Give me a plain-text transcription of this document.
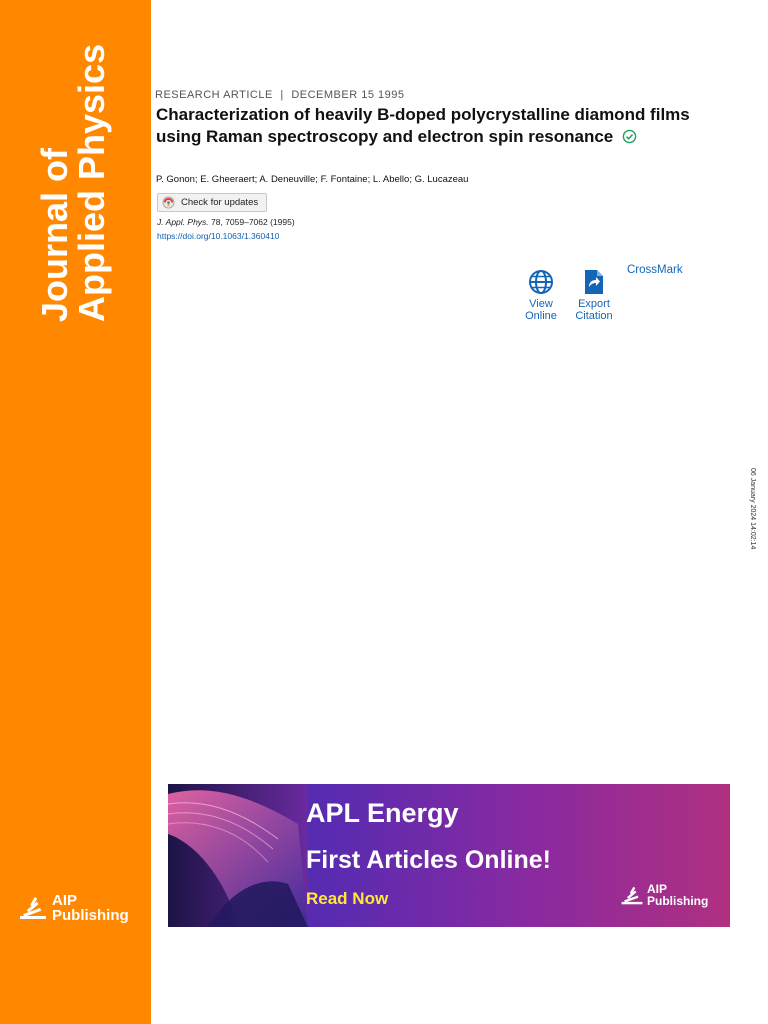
Journal of
Applied Physics
AIP
Publishing
RESEARCH ARTICLE | DECEMBER 15 1995
Characterization of heavily B-doped polycrystalline diamond films using Raman spectroscopy and electron spin resonance
P. Gonon; E. Gheeraert; A. Deneuville; F. Fontaine; L. Abello; G. Lucazeau
Check for updates
J. Appl. Phys. 78, 7059–7062 (1995)
https://doi.org/10.1063/1.360410
View
Online
Export
Citation
CrossMark
06 January 2024 14:02:14
APL Energy
First Articles Online!
Read Now	AIP
Publishing
